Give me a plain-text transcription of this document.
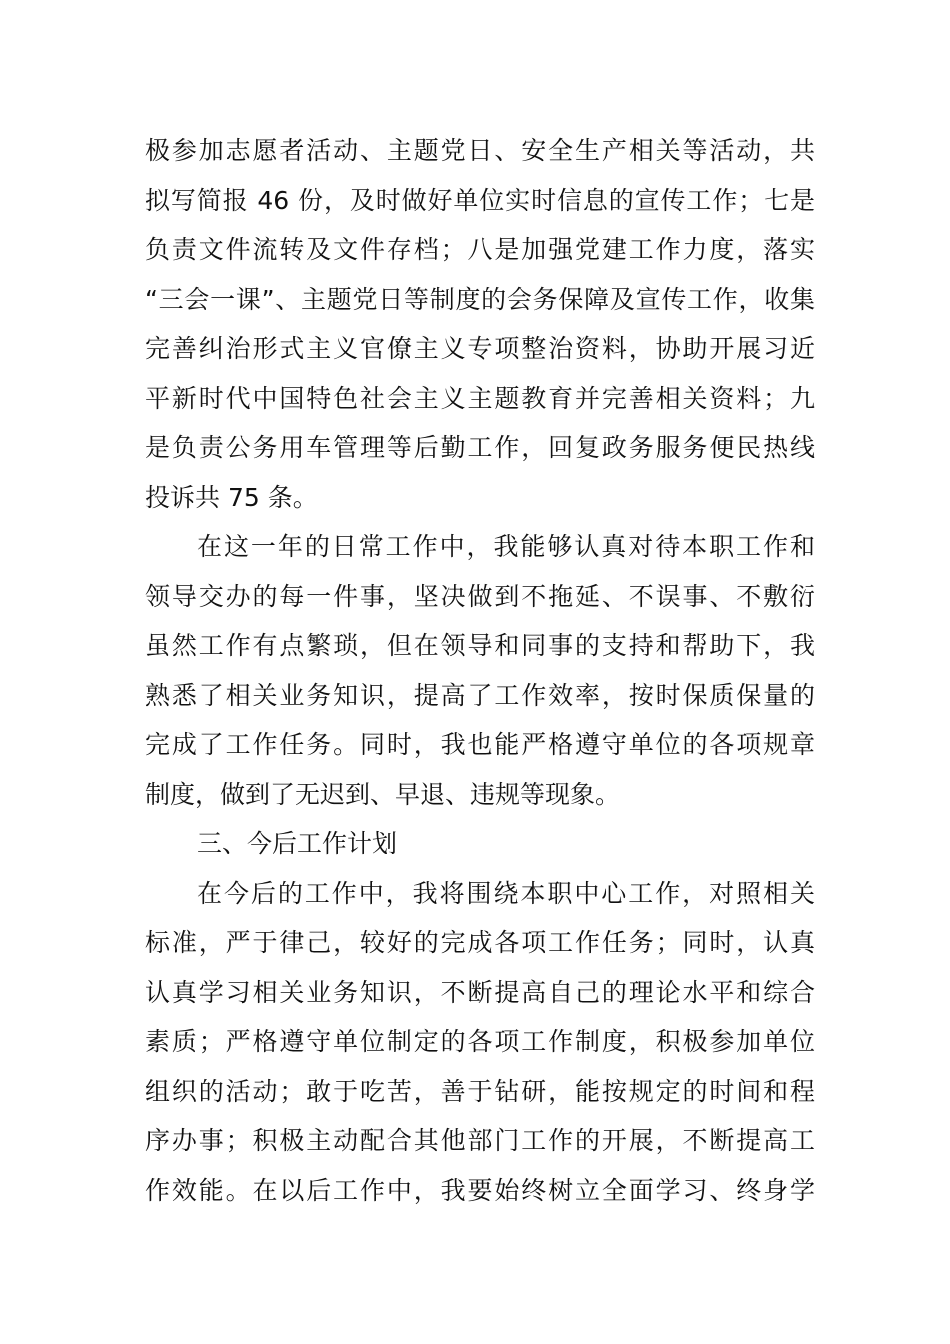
极参加志愿者活动、主题党日、安全生产相关等活动，共
拟写简报 46 份，及时做好单位实时信息的宣传工作；七是
负责文件流转及文件存档；八是加强党建工作力度，落实
“三会一课”、主题党日等制度的会务保障及宣传工作，收集
完善纠治形式主义官僚主义专项整治资料，协助开展习近
平新时代中国特色社会主义主题教育并完善相关资料；九
是负责公务用车管理等后勤工作，回复政务服务便民热线
投诉共 75 条。
在这一年的日常工作中，我能够认真对待本职工作和
领导交办的每一件事，坚决做到不拖延、不误事、不敷衍
虽然工作有点繁琐，但在领导和同事的支持和帮助下，我
熟悉了相关业务知识，提高了工作效率，按时保质保量的
完成了工作任务。同时，我也能严格遵守单位的各项规章
制度，做到了无迟到、早退、违规等现象。
三、今后工作计划
在今后的工作中，我将围绕本职中心工作，对照相关
标准，严于律己，较好的完成各项工作任务；同时，认真
认真学习相关业务知识，不断提高自己的理论水平和综合
素质；严格遵守单位制定的各项工作制度，积极参加单位
组织的活动；敢于吃苦，善于钻研，能按规定的时间和程
序办事；积极主动配合其他部门工作的开展，不断提高工
作效能。在以后工作中，我要始终树立全面学习、终身学
